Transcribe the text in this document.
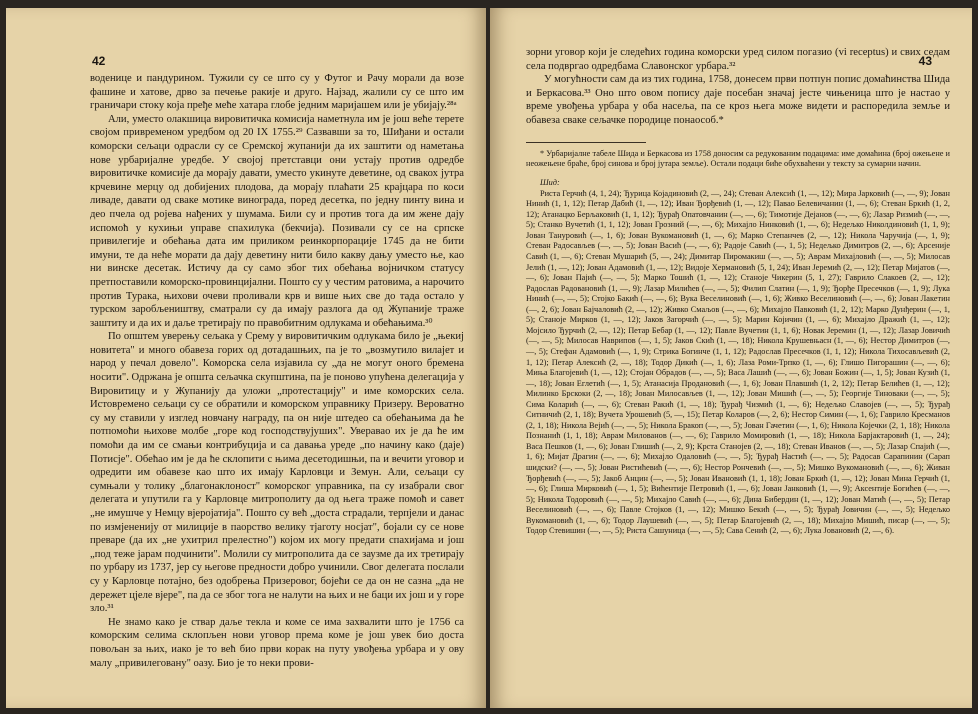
42

воденице и пандурином. Тужили су се што су у Футог и Рачу морали да возе фашине и хатове, дрво за печење ракије и друго. Најзад, жалили су се што им граничари стоку која пређе меће хатара глобе једним маријашем или је убијају.²⁸ᵃ

Али, уместо олакшица вировитичка комисија наметнула им је још веће терете својом привременом уредбом од 20 IX 1755.²⁹ Сазвавши за то, Шиђани и остали коморски сељаци одрасли су се Сремској жупанији да их заштити од наметања нове урбаријалне уредбе. У својој претставци они устају против одредбе вировитичке комисије да морају давати, уместо укинуте деветине, од свакох јутра крчевине мерцу од добијених плодова, да морају плаћати 25 крајцара по коси ливаде, давати од сваке мотике винограда, поред десетка, по једну пинту вина и део пчела од ројева нађених у шумама. Били су и против тога да им жене дају испомоћ у кухињи управе спахилука (бекчија). Позивали су се на српске привилегије и обећања дата им приликом реинкорпорације 1745 да не бити имуни, те да неће морати да дају деветину нити било какву дању уместо ње, као ни винске десетак. Истичу да су само због тих обећања војничком статусу претпоставили коморско-провинцијални. Пошто су у честим ратовима, а нарочито против Турака, њихови очеви проливали крв и више њих све до тада остало у турском заробљеништву, сматрали су да имају разлога да од Жупаније траже заштиту и да их и даље третирају по правобитним одлукама и обећањима.³⁰

По општем уверењу сељака у Срему у вировитичким одлукама било је „њекиј новитета" и много обавеза горих од дотадашњих, па је то „возмутило вилајет и народ у печал довело". Коморска села изјавила су „да не могут оного бремена носити". Одржана је општа сељачка скупштина, па је поново упућена делегација у Вировитицу и у Жупанију да уложи „протестацију" и име коморских села. Истовремено сељаци су се обратили и коморском управнику Призеру. Вероватно су му ставили у изглед новчану награду, па он није штедео са обећањима да ће потпомоћи њихове молбе „горе код господствујуших". Уверавао их је да ће им помоћи да им се смањи контрибуција и са давања уреде „по начину како (даје) Потисје". Обећао им је да ће склопити с њима десетодишњи, па и вечити уговор и одредити им обавезе као што их имају Карловци и Земун. Али, сељаци су сумњали у толику „благонаклоност" коморског управника, па су изабрали свог делегата и упутили га у Карловце митрополиту да од њега траже помоћ и савет „не имушче у Немцу вјеројатија". Пошто су већ „доста страдали, терпјели и данас по измјененију от милиције в паорство велику тјаготу носјат", бојали су се нове преваре (да их „не ухитрил прелестно") којом их могу предати спахијама и још „под теже јарам подчинити". Молили су митрополита да се заузме да их третирају по урбару из 1737, јер су његове предности добро учинили. Свог делегата послали су у Карловце потајно, без одобрења Призеровог, бојећи се да он не сазна „да не дережет цјеле вјере", па да се због тога не налути на њих и не баци их још и у горе зло.³¹

Не знамо како је ствар даље текла и коме се има захвалити што је 1756 са коморским селима склопљен нови уговор према коме је још увек био доста повољан за њих, иако је то већ био први корак на путу увођења урбара и у ову малу „привилеговану" оазу. Био је то неки прови-

43

зорни уговор који је следећих година коморски уред силом погазио (vi receptus) и свих седам села подвргао одредбама Славонског урбара.³²

У могућности сам да из тих година, 1758, донесем први потпун попис домаћинства Шида и Беркасова.³³ Оно што овом попису даје посебан значај јесте чињеница што је настао у време увођења урбара у оба насеља, па се кроз њега може видети и распоредила земље и обавеза сваке сељачке породице понаособ.*

* Урбаријалне табеле Шида и Беркасова из 1758 доносим са редукованим подацима: име домаћина (број ожењене и неожењене браће, број синова и број јутара земље). Остали подаци биће обухваћени у тексту за сумарни начин.

Шид:

Риста Герчић (4, 1, 24); Ђурица Којадиновић (2, —, 24); Стеван Алексић (1, —, 12); Мира Јарковић (—, —, 9); Јован Нинић (1, 1, 12); Петар Дабић (1, —, 12); Иван Ђорђевић (1, —, 12); Павао Белевичанин (1, —, 6); Стеван Бркић (1, 2, 12); Атанацко Берљаковић (1, 1, 12); Ђурађ Опатовчанин (—, —, 6); Тимотије Дејанов (—, —, 6); Лазар Ризмић (—, —, 5); Станко Вучетић (1, 1, 12); Јован Грозний (—, —, 6); Михајло Нинковић (1, —, 6); Недељко Николдиновић (1, 1, 9); Јован Тануровић (—, 1, 6); Јован Вукомановић (1, —, 6); Марко Степанчев (2, —, 12); Никола Чаручија (—, 1, 9); Стеван Радосављев (—, —, 5); Јован Васић (—, —, 6); Радоје Савић (—, 1, 5); Недељко Димитров (2, —, 6); Арсеније Савић (1, —, 6); Стеван Мушарић (5, —, 24); Димитар Пиромакиш (—, —, 5); Аврам Михајловић (—, —, 5); Милосав Јелић (1, —, 12); Јован Адамовић (1, —, 12); Видоје Хермановић (5, 1, 24); Иван Јеремић (2, —, 12); Петар Мијатов (—, —, 6); Јован Пајић (—, —, 5); Марко Тошић (1, —, 12); Станоје Чикерин (5, 1, 27); Гаврило Слакоев (2, —, 12); Радослав Радовановић (1, —, 9); Лазар Милићев (—, —, 5); Филип Слатин (—, 1, 9); Ђорђе Пресечков (—, 1, 9); Лука Нинић (—, —, 5); Стојко Бакић (—, —, 6); Вука Веселиновић (—, 1, 6); Живко Веселиновић (—, —, 6); Јован Лакетин (—, 2, 6); Јован Бајчаловић (2, —, 12); Живко Смаљов (—, —, 6); Михајло Павковић (1, 2, 12); Марко Дунђерин (—, 1, 5); Станоје Мирков (1, —, 12); Јаков Загорчић (—, —, 5); Марин Којичин (1, —, 6); Михајло Дражић (1, —, 12); Мојсило Ђурчић (2, —, 12); Петар Бебар (1, —, 12); Павле Вучетин (1, 1, 6); Новак Јеремин (1, —, 12); Лазар Јовичић (—, —, 5); Милосав Наврипов (—, 1, 5); Јаков Скић (1, —, 18); Никола Крушевњасн (1, —, 6); Нестор Димитров (—, —, 5); Стефан Адамовић (—, 1, 9); Стрика Богинче (1, 1, 12); Радослав Пресечков (1, 1, 12); Никола Тихосављевић (2, 1, 12); Петар Алексић (2, —, 18); Тодор Дикић (—, 1, 6); Лаза Роми-Трпко (1, —, 6); Глишо Пигорашин (—, —, 6); Миња Благојевић (1, —, 12); Стојан Обрадов (—, —, 5); Васа Лашић (—, —, 6); Јован Божин (—, 1, 5); Јован Кузић (1, —, 18); Јован Еглетић (—, 1, 5); Атанасија Продановић (—, 1, 6); Јован Плавшић (1, 2, 12); Петар Белићев (1, —, 12); Милинко Брскоки (2, —, 18); Јован Милосављев (1, —, 12); Јован Мишић (—, —, 5); Георгије Тиноваки (—, —, 5); Сима Коларић (—, —, 6); Стеван Ракић (1, —, 18); Ђурађ Чизмић (1, —, 6); Недељко Славојев (—, —, 5); Ђурађ Ситничић (2, 1, 18); Вучета Урошевић (5, —, 15); Петар Коларов (—, 2, 6); Нестор Симин (—, 1, 6); Гаврило Кресманов (2, 1, 18); Никола Вејић (—, —, 5); Никола Бракоп (—, —, 5); Јован Гачетин (—, 1, 6); Никола Којечки (2, 1, 18); Никола Познанић (1, 1, 18); Аврам Милованов (—, —, 6); Гаврило Момировић (1, —, 18); Никола Барјактаровић (1, —, 24); Васа Пешков (1, —, 6); Јован Глишић (—, 2, 9); Крста Станојев (2, —, 18); Стеван Иванов (—, —, 5); Лазар Спајић (—, 1, 6); Мијат Драгин (—, —, 6); Михајло Одаловић (—, —, 5); Ђурађ Настић (—, —, 5); Радосав Сарапинин (Сарап шидски? (—, —, 5); Јован Ристићевић (—, —, 6); Нестор Рончевић (—, —, 5); Мишко Вукомановић (—, —, 6); Живан Ђорђевић (—, —, 5); Јакоб Анцин (—, —, 5); Јован Ивановић (1, 1, 18); Јован Бркић (1, —, 12); Јован Мина Герчић (1, —, 6); Глиша Мирковић (—, 1, 5); Вићентије Петровић (1, —, 6); Јован Јанковић (1, —, 9); Аксентије Богићев (—, —, 5); Никола Тодоровић (—, —, 5); Михајло Савић (—, —, 6); Дина Бибердин (1, —, 12); Јован Матић (—, —, 5); Петар Веселиновић (—, —, 6); Павле Стојков (1, —, 12); Мишко Бекић (—, —, 5); Ђурађ Јовичин (—, —, 5); Недељко Вукомановић (1, —, 6); Тодор Лаушевић (—, —, 5); Петар Благојевић (2, —, 18); Михајло Мишић, писар (—, —, 5); Тодор Стевишин (—, —, 5); Риста Сашуница (—, —, 5); Сава Сенић (2, —, 6); Лука Јовановић (2, —, 6).
